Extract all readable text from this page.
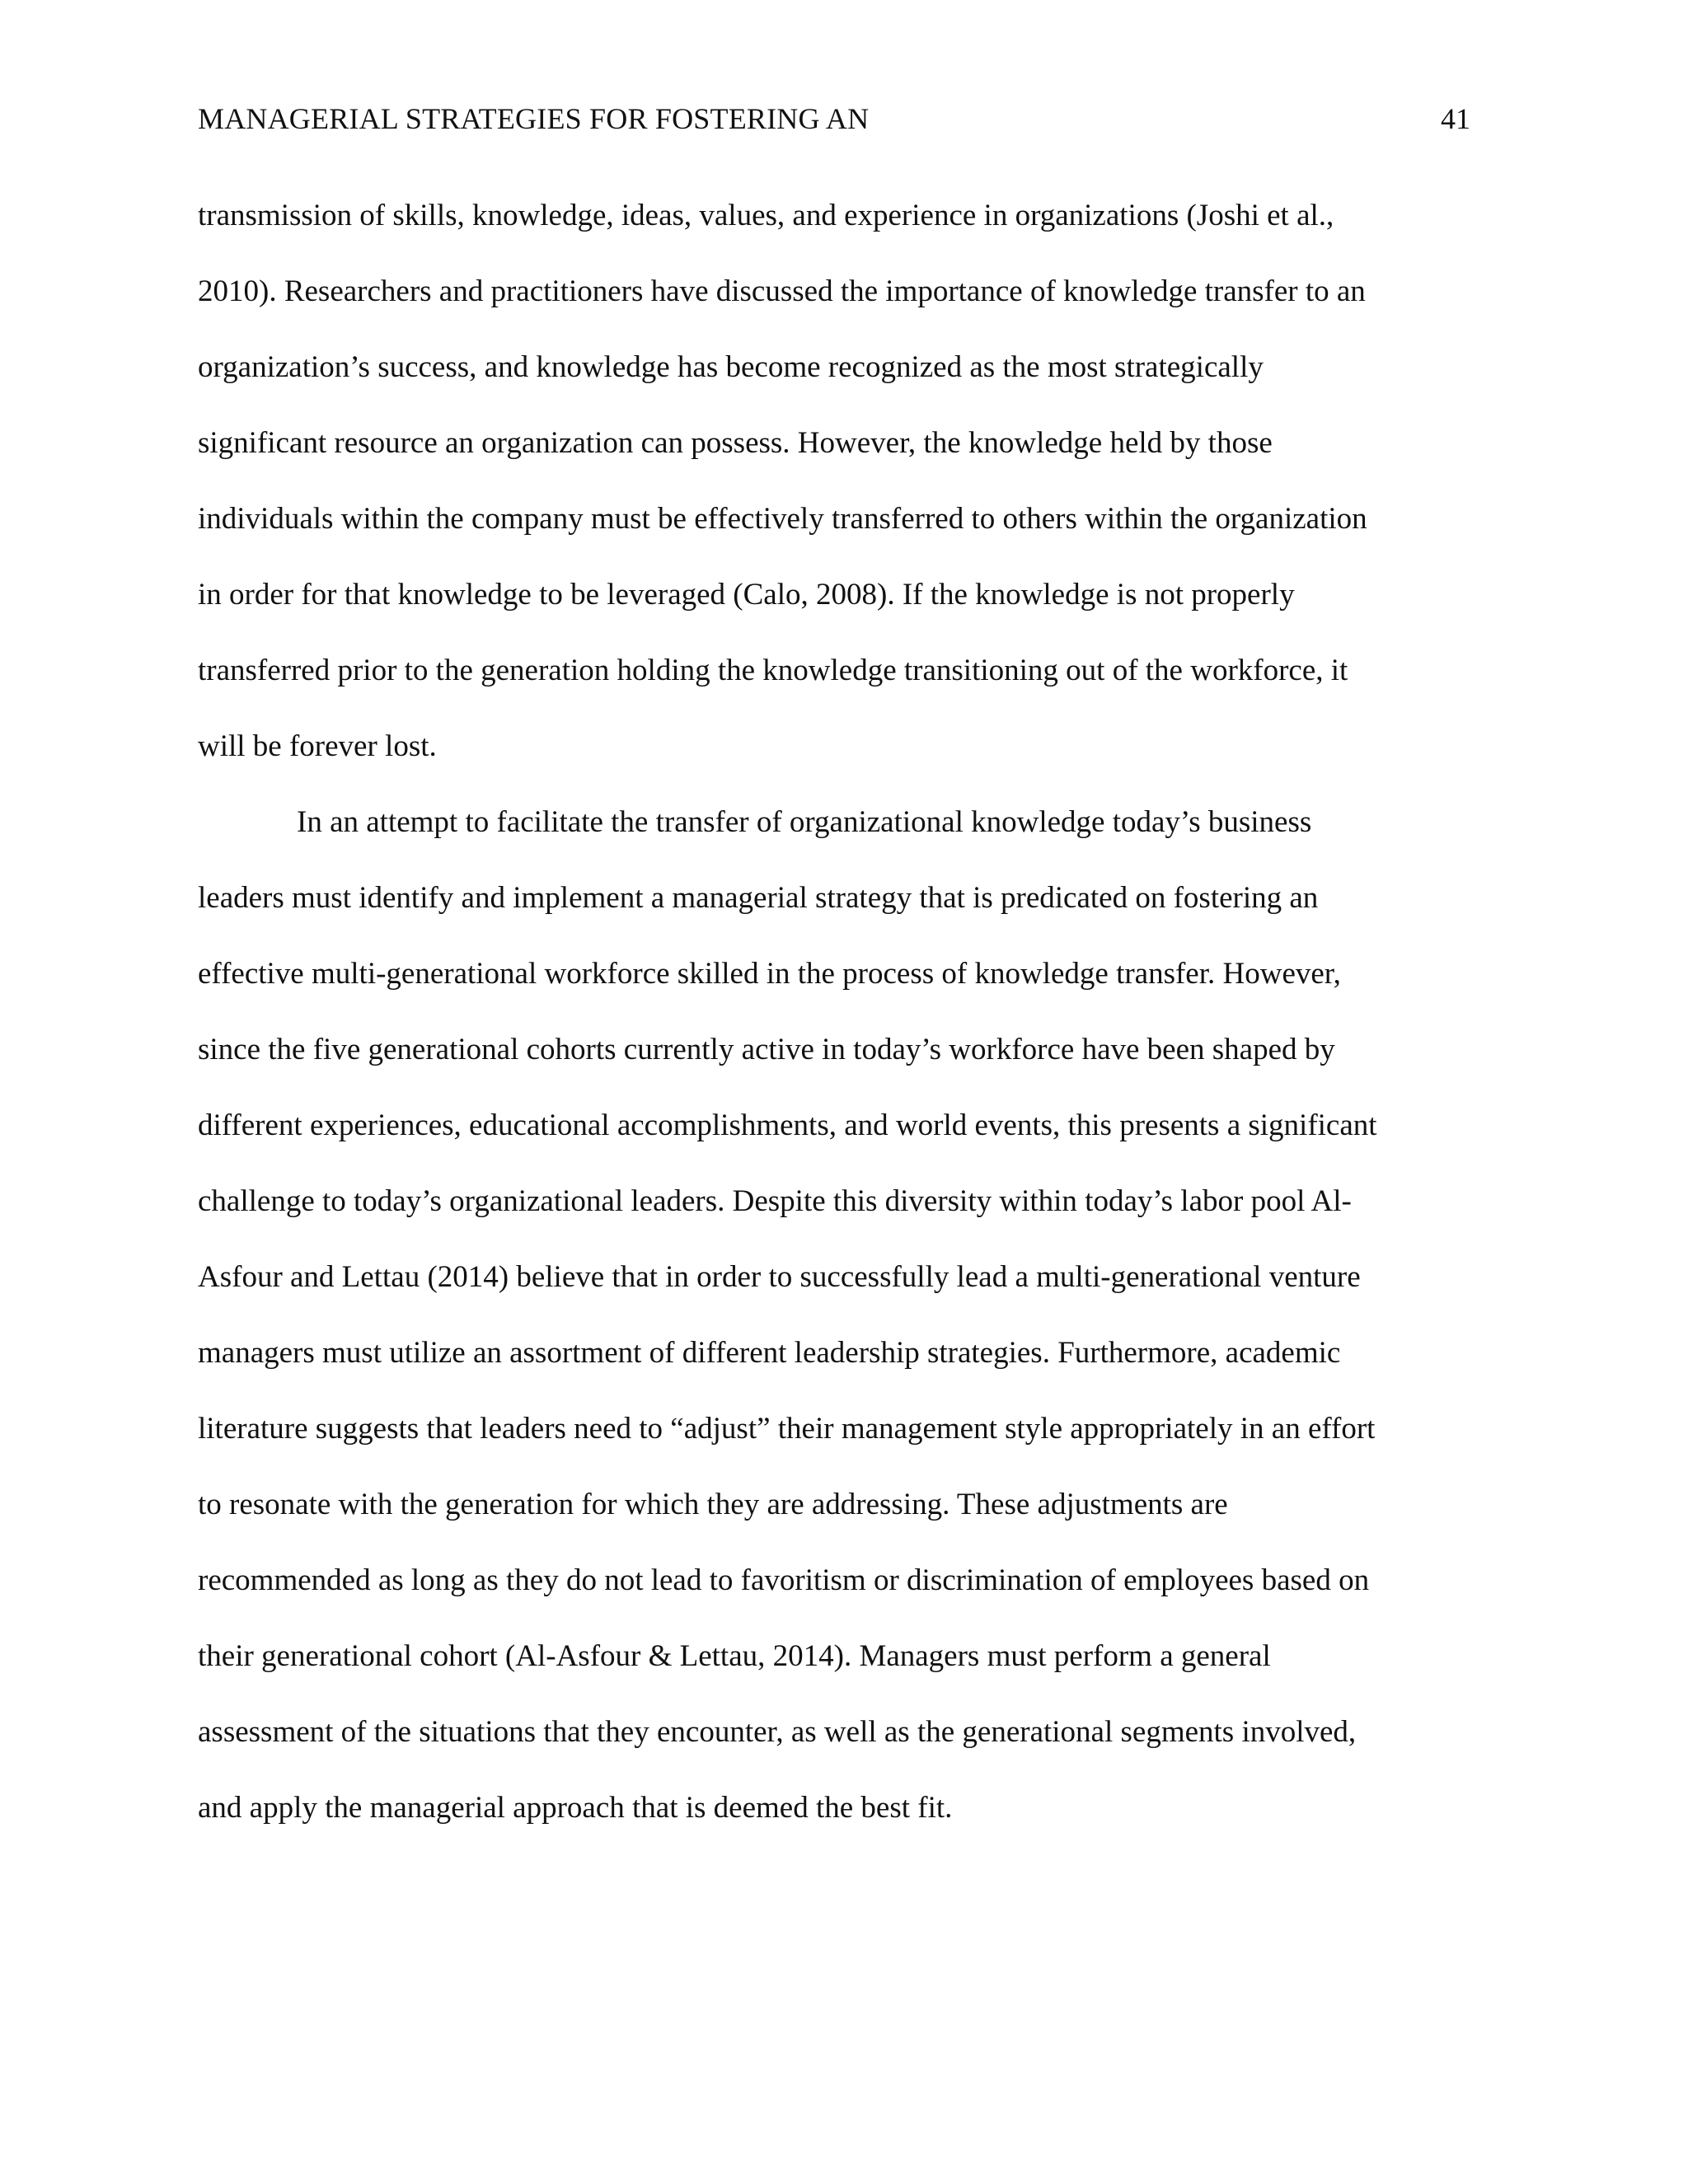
MANAGERIAL STRATEGIES FOR FOSTERING AN	41
transmission of skills, knowledge, ideas, values, and experience in organizations (Joshi et al.,
2010). Researchers and practitioners have discussed the importance of knowledge transfer to an
organization’s success, and knowledge has become recognized as the most strategically
significant resource an organization can possess. However, the knowledge held by those
individuals within the company must be effectively transferred to others within the organization
in order for that knowledge to be leveraged (Calo, 2008). If the knowledge is not properly
transferred prior to the generation holding the knowledge transitioning out of the workforce, it
will be forever lost.
In an attempt to facilitate the transfer of organizational knowledge today’s business
leaders must identify and implement a managerial strategy that is predicated on fostering an
effective multi-generational workforce skilled in the process of knowledge transfer. However,
since the five generational cohorts currently active in today’s workforce have been shaped by
different experiences, educational accomplishments, and world events, this presents a significant
challenge to today’s organizational leaders. Despite this diversity within today’s labor pool Al-
Asfour and Lettau (2014) believe that in order to successfully lead a multi-generational venture
managers must utilize an assortment of different leadership strategies. Furthermore, academic
literature suggests that leaders need to “adjust” their management style appropriately in an effort
to resonate with the generation for which they are addressing. These adjustments are
recommended as long as they do not lead to favoritism or discrimination of employees based on
their generational cohort (Al-Asfour & Lettau, 2014). Managers must perform a general
assessment of the situations that they encounter, as well as the generational segments involved,
and apply the managerial approach that is deemed the best fit.
